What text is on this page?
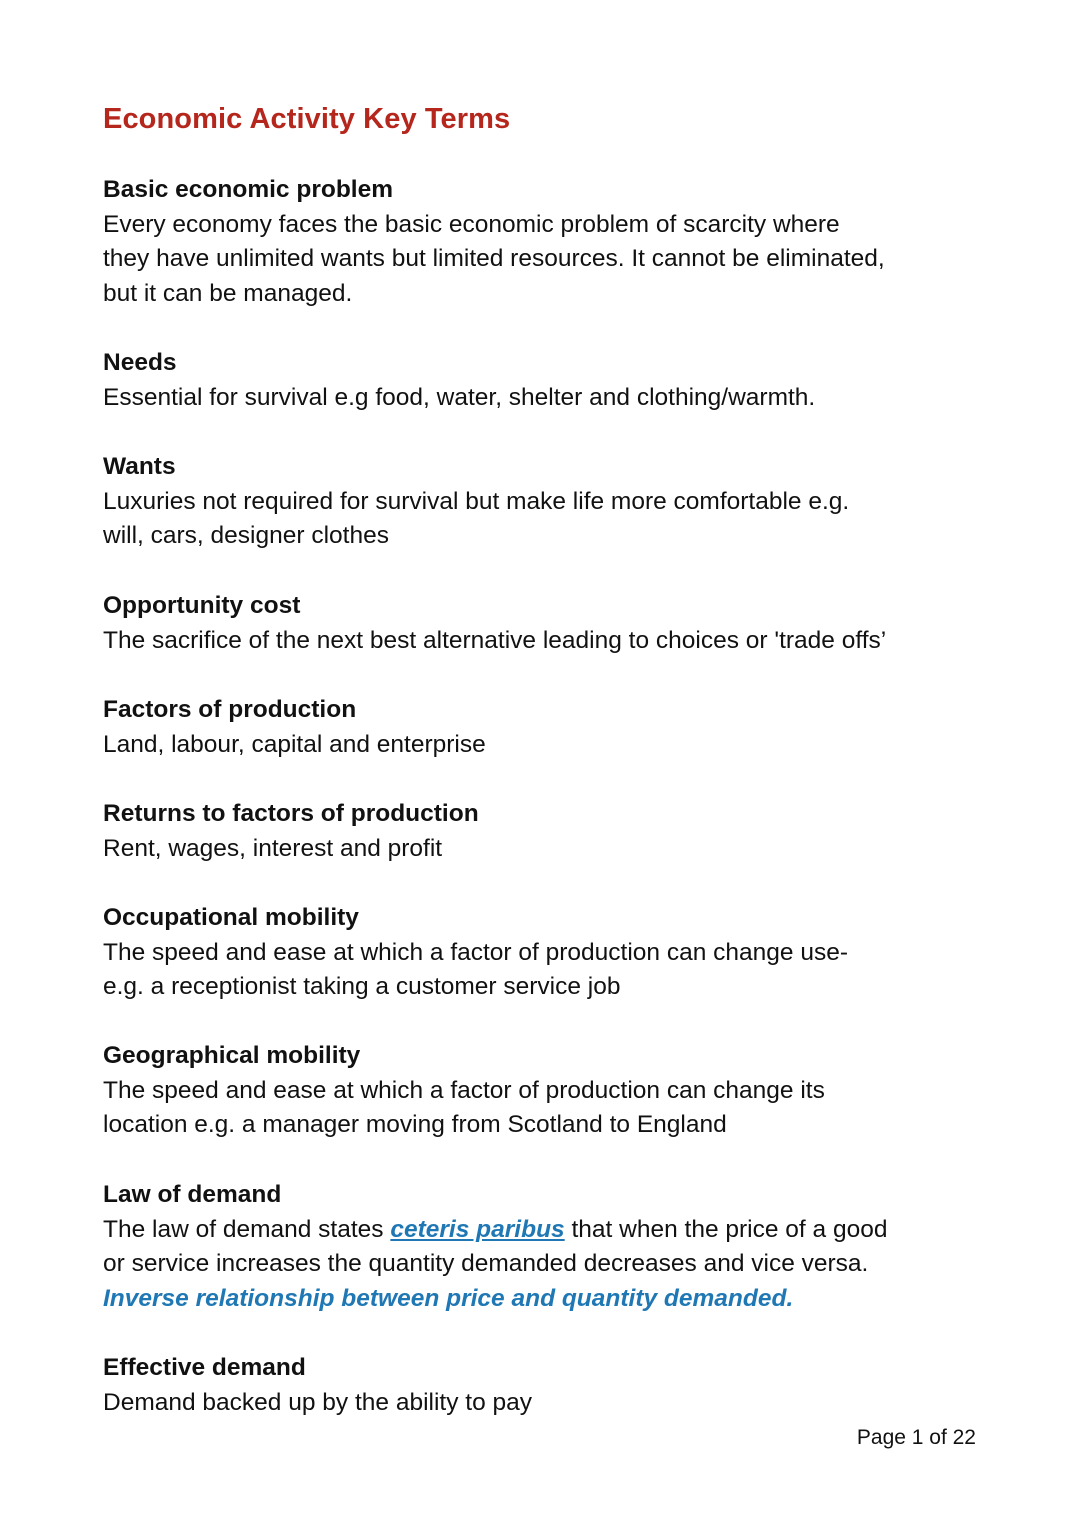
Economic Activity Key Terms
Basic economic problem

Every economy faces the basic economic problem of scarcity where
they have unlimited wants but limited resources. It cannot be eliminated,
but it can be managed.

Needs

Essential for survival e.g food, water, shelter and clothing/warmth.

Wants

Luxuries not required for survival but make life more comfortable e.g.
will, cars, designer clothes

Opportunity cost

The sacrifice of the next best alternative leading to choices or 'trade offs’

Factors of production

Land, labour, capital and enterprise

Returns to factors of production

Rent, wages, interest and profit

Occupational mobility

The speed and ease at which a factor of production can change use-
e.g. a receptionist taking a customer service job

Geographical mobility

The speed and ease at which a factor of production can change its
location e.g. a manager moving from Scotland to England

Law of demand

The law of demand states ceteris paribus that when the price of a good
or service increases the quantity demanded decreases and vice versa.
Inverse relationship between price and quantity demanded.

Effective demand

Demand backed up by the ability to pay

Page 1 of 22
